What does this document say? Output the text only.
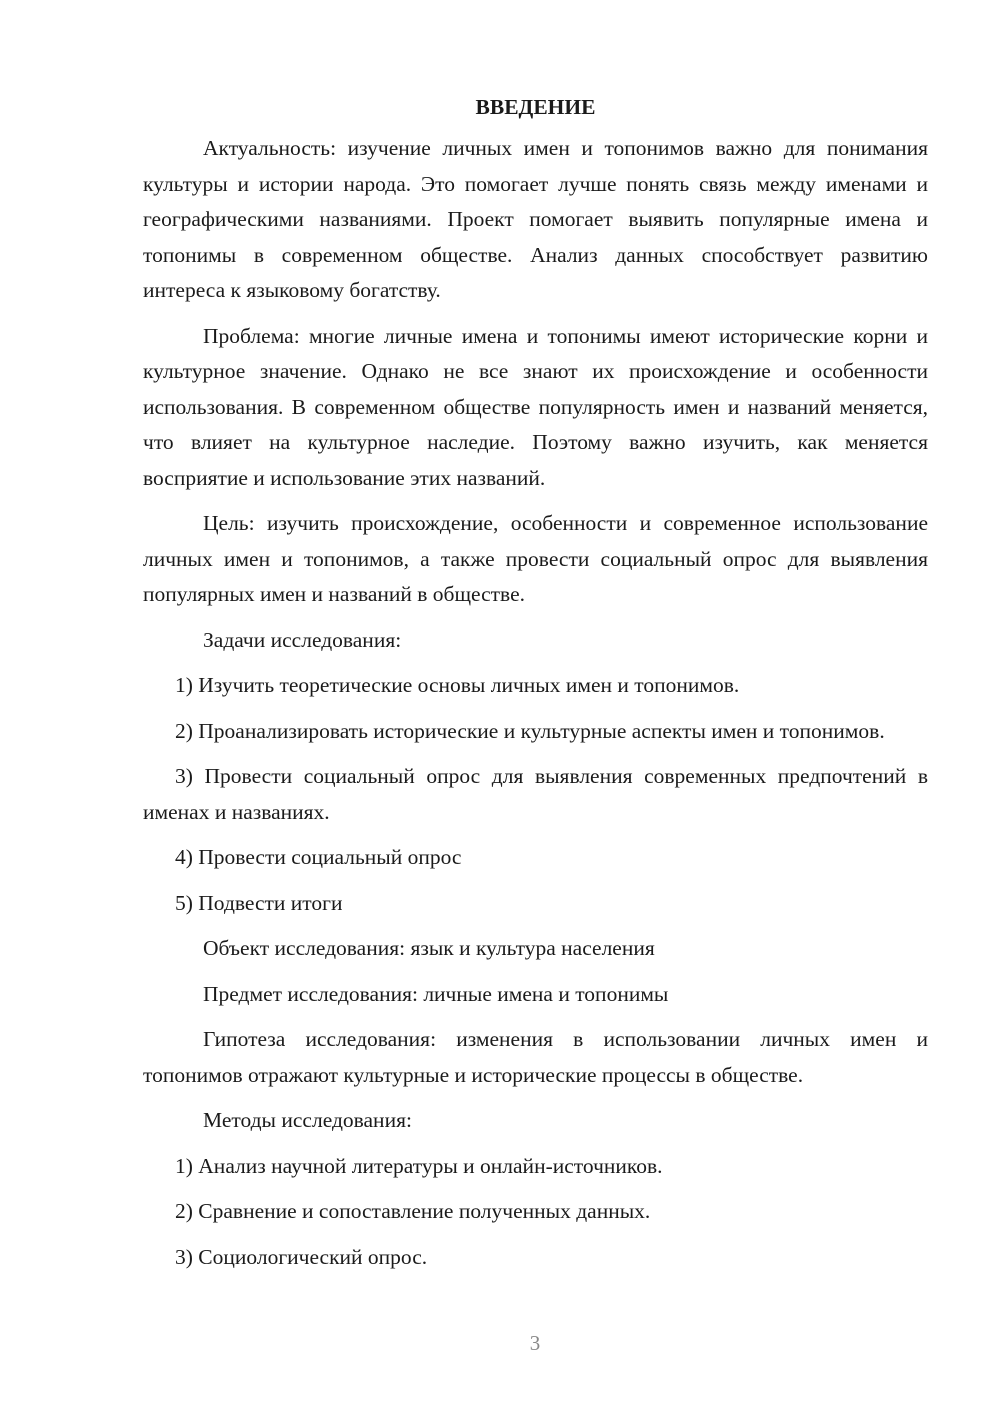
ВВЕДЕНИЕ

Актуальность: изучение личных имен и топонимов важно для понимания культуры и истории народа. Это помогает лучше понять связь между именами и географическими названиями. Проект помогает выявить популярные имена и топонимы в современном обществе. Анализ данных способствует развитию интереса к языковому богатству.

Проблема: многие личные имена и топонимы имеют исторические корни и культурное значение. Однако не все знают их происхождение и особенности использования. В современном обществе популярность имен и названий меняется, что влияет на культурное наследие. Поэтому важно изучить, как меняется восприятие и использование этих названий.

Цель: изучить происхождение, особенности и современное использование личных имен и топонимов, а также провести социальный опрос для выявления популярных имен и названий в обществе.

Задачи исследования:

1) Изучить теоретические основы личных имен и топонимов.

2) Проанализировать исторические и культурные аспекты имен и топонимов.

3) Провести социальный опрос для выявления современных предпочтений в именах и названиях.

4) Провести социальный опрос

5) Подвести итоги

Объект исследования: язык и культура населения

Предмет исследования: личные имена и топонимы

Гипотеза исследования: изменения в использовании личных имен и топонимов отражают культурные и исторические процессы в обществе.

Методы исследования:

1) Анализ научной литературы и онлайн-источников.

2) Сравнение и сопоставление полученных данных.

3) Социологический опрос.

3
